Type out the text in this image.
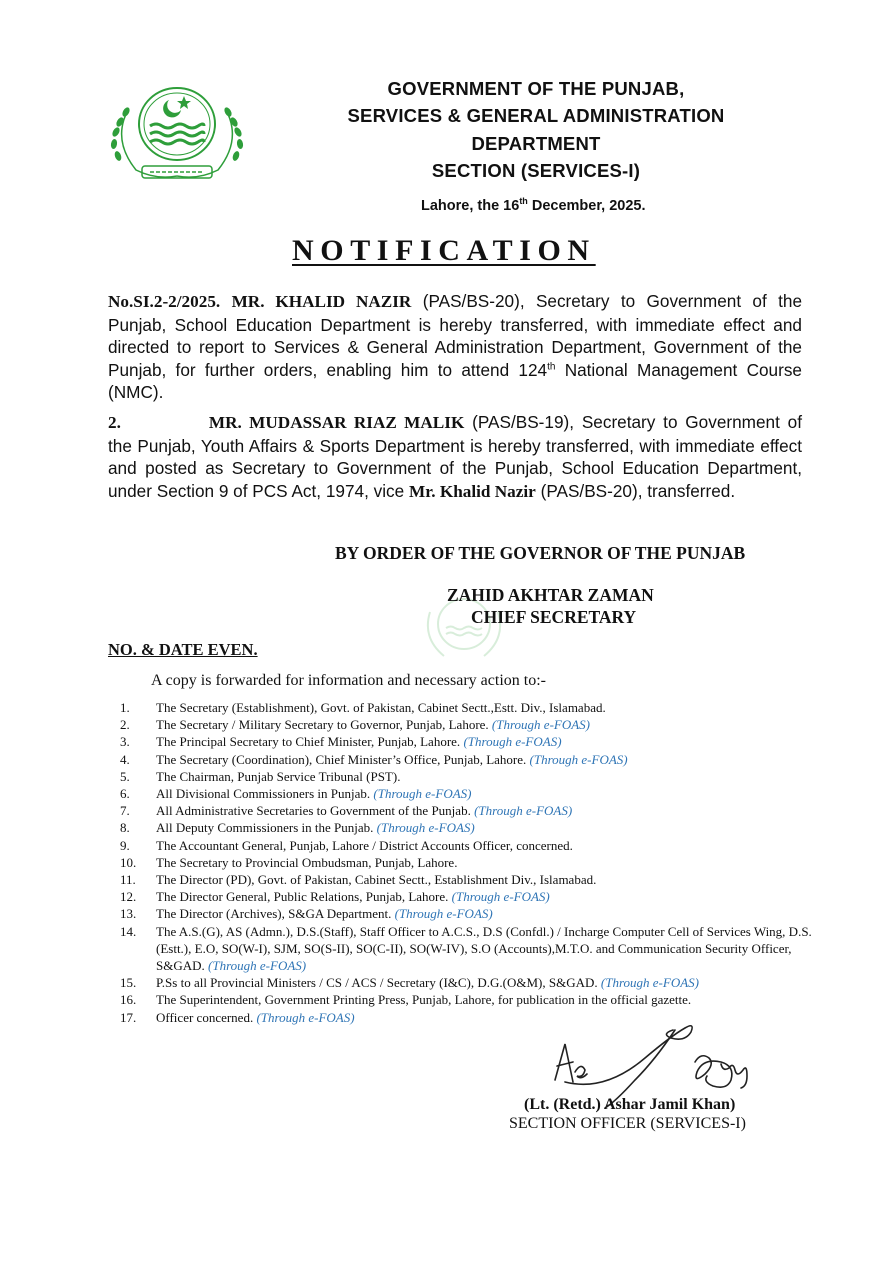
GOVERNMENT OF THE PUNJAB,
SERVICES & GENERAL ADMINISTRATION
DEPARTMENT
SECTION (SERVICES-I)
Lahore, the 16th December, 2025.
NOTIFICATION
No.SI.2-2/2025. MR. KHALID NAZIR (PAS/BS-20), Secretary to Government of the Punjab, School Education Department is hereby transferred, with immediate effect and directed to report to Services & General Administration Department, Government of the Punjab, for further orders, enabling him to attend 124th National Management Course (NMC).
2.	MR. MUDASSAR RIAZ MALIK (PAS/BS-19), Secretary to Government of the Punjab, Youth Affairs & Sports Department is hereby transferred, with immediate effect and posted as Secretary to Government of the Punjab, School Education Department, under Section 9 of PCS Act, 1974, vice Mr. Khalid Nazir (PAS/BS-20), transferred.
BY ORDER OF THE GOVERNOR OF THE PUNJAB
ZAHID AKHTAR ZAMAN
CHIEF SECRETARY
NO. & DATE EVEN.
A copy is forwarded for information and necessary action to:-
1. The Secretary (Establishment), Govt. of Pakistan, Cabinet Sectt.,Estt. Div., Islamabad.
2. The Secretary / Military Secretary to Governor, Punjab, Lahore. (Through e-FOAS)
3. The Principal Secretary to Chief Minister, Punjab, Lahore. (Through e-FOAS)
4. The Secretary (Coordination), Chief Minister’s Office, Punjab, Lahore. (Through e-FOAS)
5. The Chairman, Punjab Service Tribunal (PST).
6. All Divisional Commissioners in Punjab. (Through e-FOAS)
7. All Administrative Secretaries to Government of the Punjab. (Through e-FOAS)
8. All Deputy Commissioners in the Punjab. (Through e-FOAS)
9. The Accountant General, Punjab, Lahore / District Accounts Officer, concerned.
10. The Secretary to Provincial Ombudsman, Punjab, Lahore.
11. The Director (PD), Govt. of Pakistan, Cabinet Sectt., Establishment Div., Islamabad.
12. The Director General, Public Relations, Punjab, Lahore. (Through e-FOAS)
13. The Director (Archives), S&GA Department. (Through e-FOAS)
14. The A.S.(G), AS (Admn.), D.S.(Staff), Staff Officer to A.C.S., D.S (Confdl.) / Incharge Computer Cell of Services Wing, D.S.(Estt.), E.O, SO(W-I), SJM, SO(S-II), SO(C-II), SO(W-IV), S.O (Accounts),M.T.O. and Communication Security Officer, S&GAD. (Through e-FOAS)
15. P.Ss to all Provincial Ministers / CS / ACS / Secretary (I&C), D.G.(O&M), S&GAD. (Through e-FOAS)
16. The Superintendent, Government Printing Press, Punjab, Lahore, for publication in the official gazette.
17. Officer concerned. (Through e-FOAS)
(Lt. (Retd.) Ashar Jamil Khan)
SECTION OFFICER (SERVICES-I)
